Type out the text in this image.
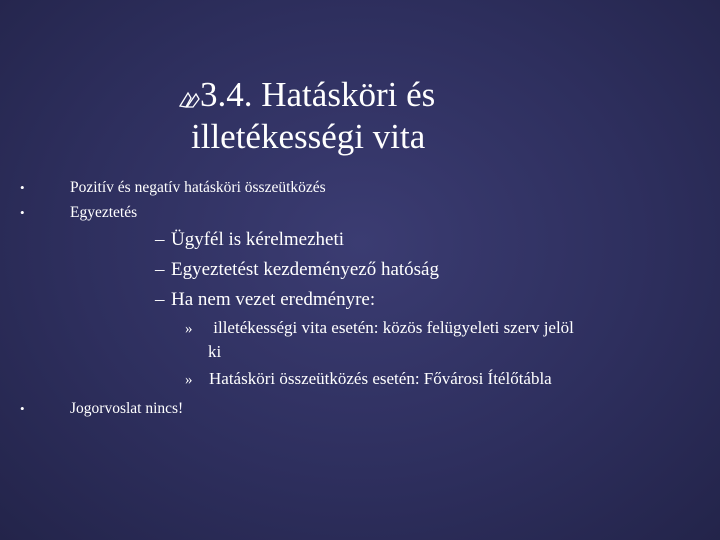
3.4. Hatásköri és
illetékességi vita
•	Pozitív és negatív hatásköri összeütközés
•	Egyeztetés
– Ügyfél is kérelmezheti
– Egyeztetést kezdeményező hatóság
– Ha nem vezet eredményre:
» illetékességi vita esetén: közös felügyeleti szerv jelöl
ki
» Hatásköri összeütközés esetén: Fővárosi Ítélőtábla
•	Jogorvoslat nincs!
